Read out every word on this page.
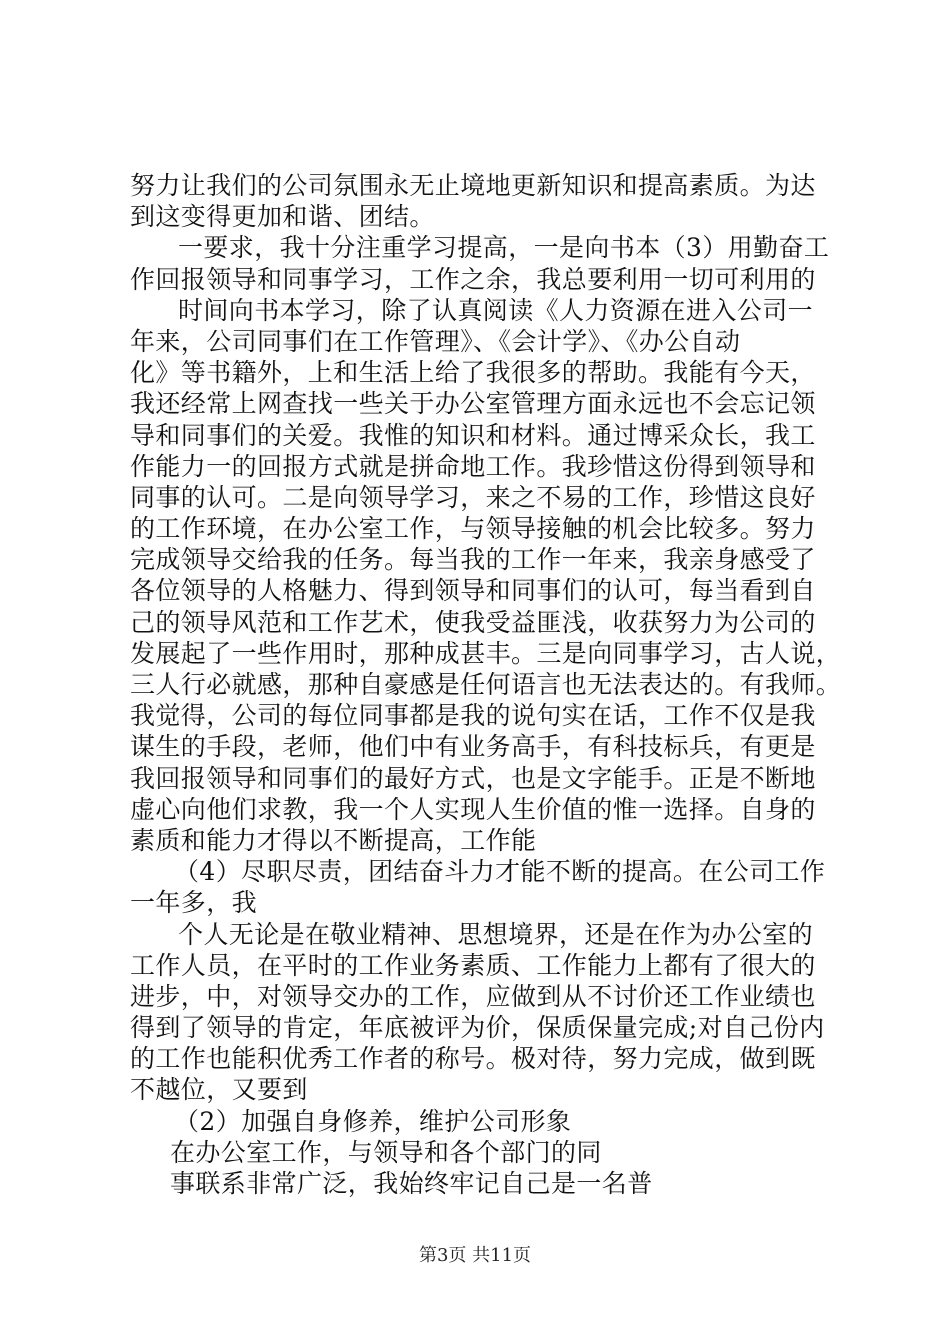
努力让我们的公司氛围永无止境地更新知识和提高素质。为达
到这变得更加和谐、团结。
一要求，我十分注重学习提高，一是向书本（3）用勤奋工
作回报领导和同事学习，工作之余，我总要利用一切可利用的
时间向书本学习，除了认真阅读《人力资源在进入公司一
年来，公司同事们在工作管理》、《会计学》、《办公自动
化》等书籍外，上和生活上给了我很多的帮助。我能有今天，
我还经常上网查找一些关于办公室管理方面永远也不会忘记领
导和同事们的关爱。我惟的知识和材料。通过博采众长，我工
作能力一的回报方式就是拼命地工作。我珍惜这份得到领导和
同事的认可。二是向领导学习，来之不易的工作，珍惜这良好
的工作环境，在办公室工作，与领导接触的机会比较多。努力
完成领导交给我的任务。每当我的工作一年来，我亲身感受了
各位领导的人格魅力、得到领导和同事们的认可，每当看到自
己的领导风范和工作艺术，使我受益匪浅，收获努力为公司的
发展起了一些作用时，那种成甚丰。三是向同事学习，古人说，
三人行必就感，那种自豪感是任何语言也无法表达的。有我师。
我觉得，公司的每位同事都是我的说句实在话，工作不仅是我
谋生的手段，老师，他们中有业务高手，有科技标兵，有更是
我回报领导和同事们的最好方式，也是文字能手。正是不断地
虚心向他们求教，我一个人实现人生价值的惟一选择。自身的
素质和能力才得以不断提高，工作能
（4）尽职尽责，团结奋斗力才能不断的提高。在公司工作
一年多，我
个人无论是在敬业精神、思想境界，还是在作为办公室的
工作人员，在平时的工作业务素质、工作能力上都有了很大的
进步，中，对领导交办的工作，应做到从不讨价还工作业绩也
得到了领导的肯定，年底被评为价，保质保量完成;对自己份内
的工作也能积优秀工作者的称号。极对待，努力完成，做到既
不越位，又要到
（2）加强自身修养，维护公司形象
在办公室工作，与领导和各个部门的同
事联系非常广泛，我始终牢记自己是一名普
第3页 共11页
